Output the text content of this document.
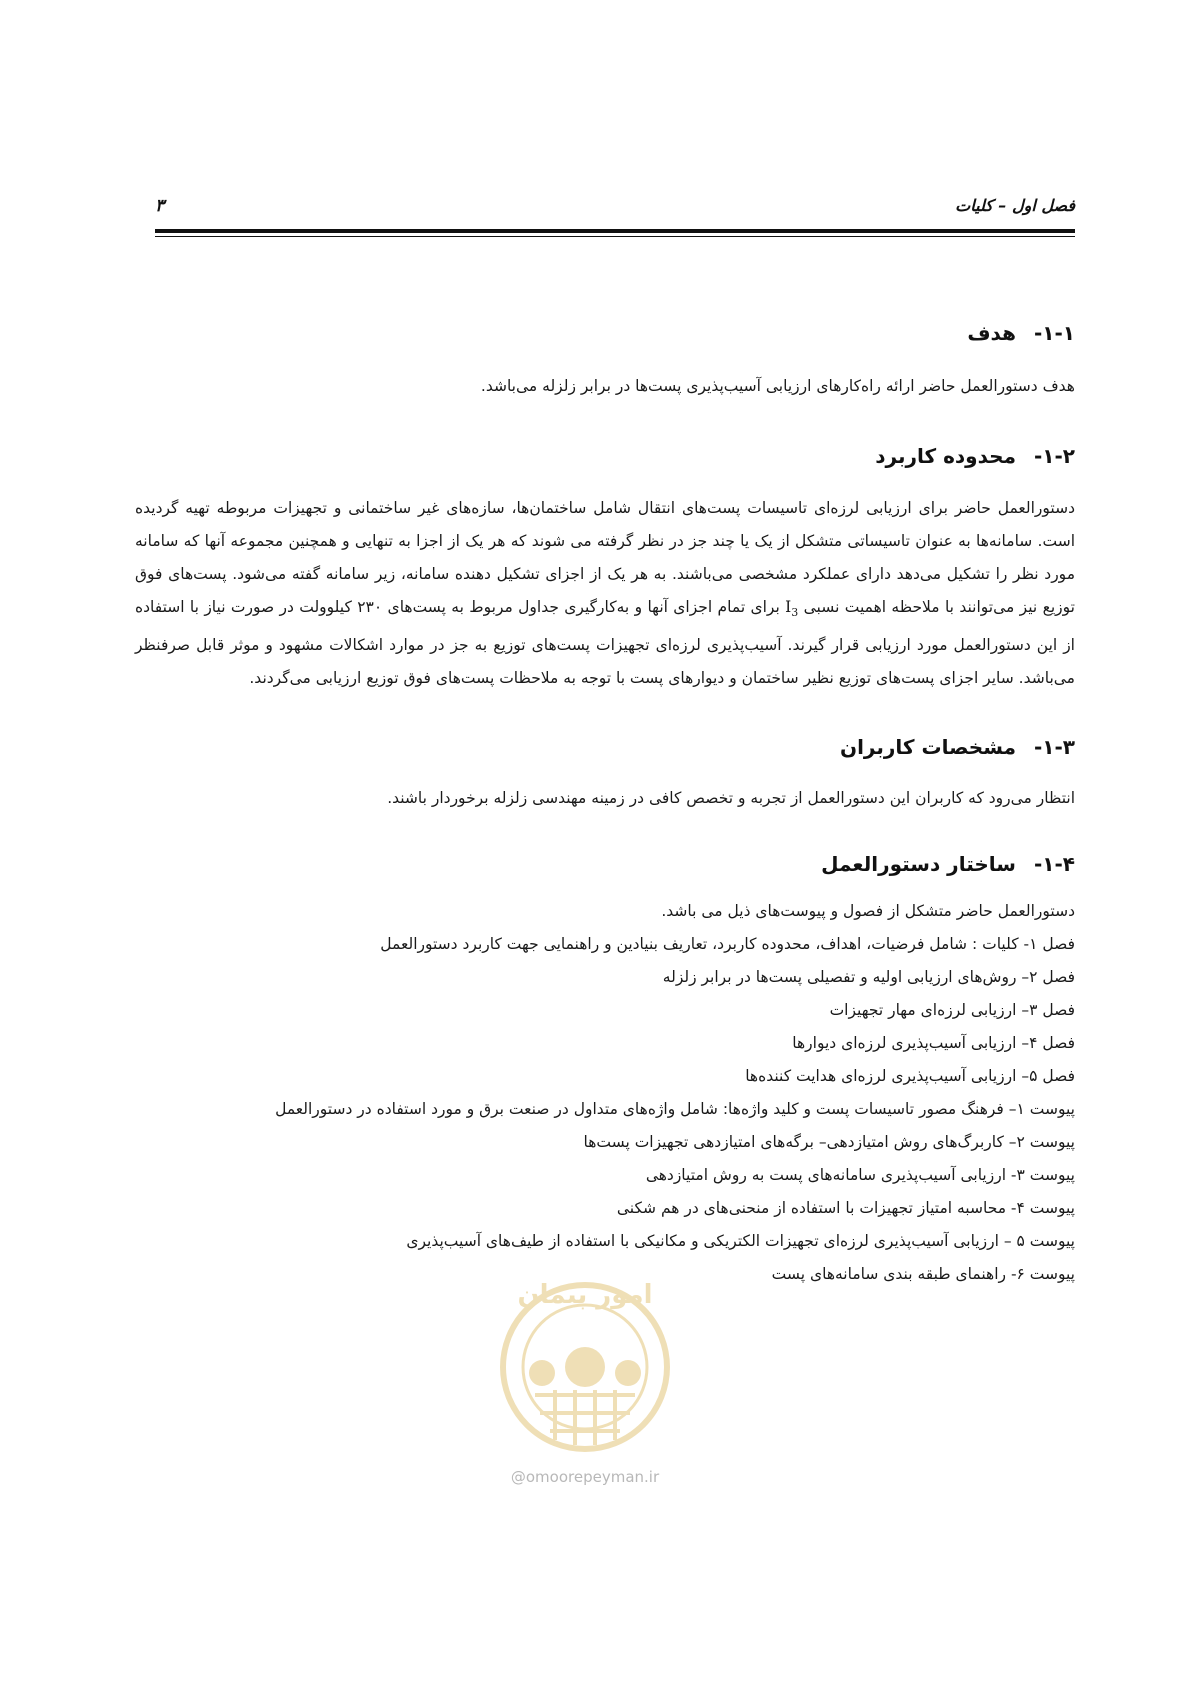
فصل اول – کلیات
۳
۱-۱-هدف

هدف دستورالعمل حاضر ارائه راه‌کارهای ارزیابی آسیب‌پذیری پست‌ها در برابر زلزله می‌باشد.

۱-۲-محدوده کاربرد

دستورالعمل حاضر برای ارزیابی لرزه‌ای تاسیسات پست‌های انتقال شامل ساختمان‌ها، سازه‌های غیر ساختمانی و تجهیزات مربوطه تهیه گردیده است. سامانه‌ها به عنوان تاسیساتی متشکل از یک یا چند جز در نظر گرفته می شوند که هر یک از اجزا به تنهایی و همچنین مجموعه آنها که سامانه مورد نظر را تشکیل می‌دهد دارای عملکرد مشخصی می‌باشند. به هر یک از اجزای تشکیل دهنده سامانه، زیر سامانه گفته می‌شود. پست‌های فوق توزیع نیز می‌توانند با ملاحظه اهمیت نسبی $I_3$ برای تمام اجزای آنها و به‌کارگیری جداول مربوط به پست‌های ۲۳۰ کیلوولت در صورت نیاز با استفاده از این دستورالعمل مورد ارزیابی قرار گیرند. آسیب‌پذیری لرزه‌ای تجهیزات پست‌های توزیع به جز در موارد اشکالات مشهود و موثر قابل صرفنظر می‌باشد. سایر اجزای پست‌های توزیع نظیر ساختمان و دیوارهای پست با توجه به ملاحظات پست‌های فوق توزیع ارزیابی می‌گردند.

۱-۳-مشخصات کاربران

انتظار می‌رود که کاربران این دستورالعمل از تجربه و تخصص کافی در زمینه مهندسی زلزله برخوردار باشند.

۱-۴-ساختار دستورالعمل

دستورالعمل حاضر متشکل از فصول و پیوست‌های ذیل می باشد.

فصل ۱- کلیات : شامل فرضیات، اهداف، محدوده کاربرد، تعاریف بنیادین و راهنمایی جهت کاربرد دستورالعمل
فصل ۲– روش‌های ارزیابی اولیه و تفصیلی پست‌ها در برابر زلزله
فصل ۳– ارزیابی لرزه‌ای مهار تجهیزات
فصل ۴– ارزیابی آسیب‌پذیری لرزه‌ای دیوارها
فصل ۵– ارزیابی آسیب‌پذیری لرزه‌ای هدایت کننده‌ها
پیوست ۱– فرهنگ مصور تاسیسات پست و کلید واژه‌ها: شامل واژه‌های متداول در صنعت برق و مورد استفاده در دستورالعمل
پیوست ۲– کاربرگ‌های روش امتیازدهی– برگه‌های امتیازدهی تجهیزات پست‌ها
پیوست ۳- ارزیابی آسیب‌پذیری سامانه‌های پست به روش امتیازدهی
پیوست ۴- محاسبه امتیاز تجهیزات با استفاده از منحنی‌های در هم شکنی
پیوست ۵ – ارزیابی آسیب‌پذیری لرزه‌ای تجهیزات الکتریکی و مکانیکی با استفاده از طیف‌های آسیب‌پذیری
پیوست ۶- راهنمای طبقه بندی سامانه‌های پست
امور پیمان
@omoorepeyman.ir
